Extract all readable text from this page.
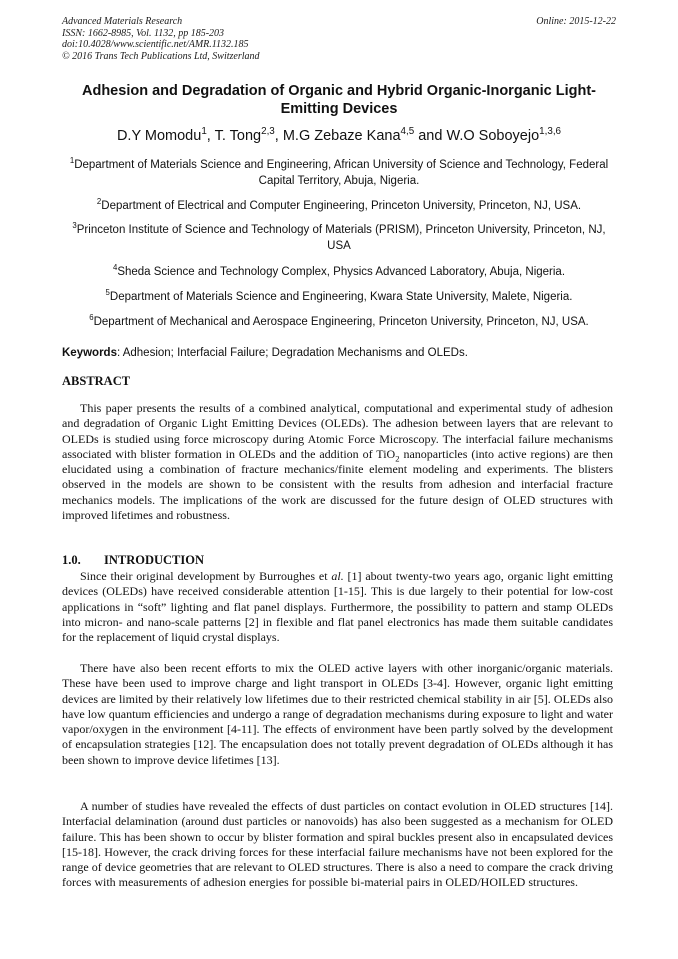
Advanced Materials Research
ISSN: 1662-8985, Vol. 1132, pp 185-203
doi:10.4028/www.scientific.net/AMR.1132.185
© 2016 Trans Tech Publications Ltd, Switzerland
Online: 2015-12-22
Adhesion and Degradation of Organic and Hybrid Organic-Inorganic Light-Emitting Devices
D.Y Momodu$^1$, T. Tong$^{2,3}$, M.G Zebaze Kana$^{4,5}$ and W.O Soboyejo$^{1,3,6}$
$^1$Department of Materials Science and Engineering, African University of Science and Technology, Federal Capital Territory, Abuja, Nigeria.
$^2$Department of Electrical and Computer Engineering, Princeton University, Princeton, NJ, USA.
$^3$Princeton Institute of Science and Technology of Materials (PRISM), Princeton University, Princeton, NJ, USA
$^4$Sheda Science and Technology Complex, Physics Advanced Laboratory, Abuja, Nigeria.
$^5$Department of Materials Science and Engineering, Kwara State University, Malete, Nigeria.
$^6$Department of Mechanical and Aerospace Engineering, Princeton University, Princeton, NJ, USA.
Keywords: Adhesion; Interfacial Failure; Degradation Mechanisms and OLEDs.
ABSTRACT
This paper presents the results of a combined analytical, computational and experimental study of adhesion and degradation of Organic Light Emitting Devices (OLEDs). The adhesion between layers that are relevant to OLEDs is studied using force microscopy during Atomic Force Microscopy. The interfacial failure mechanisms associated with blister formation in OLEDs and the addition of TiO$_2$ nanoparticles (into active regions) are then elucidated using a combination of fracture mechanics/finite element modeling and experiments. The blisters observed in the models are shown to be consistent with the results from adhesion and interfacial fracture mechanics models. The implications of the work are discussed for the future design of OLED structures with improved lifetimes and robustness.
1.0. INTRODUCTION
Since their original development by Burroughes et al. [1] about twenty-two years ago, organic light emitting devices (OLEDs) have received considerable attention [1-15]. This is due largely to their potential for low-cost applications in “soft” lighting and flat panel displays. Furthermore, the possibility to pattern and stamp OLEDs into micron- and nano-scale patterns [2] in flexible and flat panel electronics has made them suitable candidates for the replacement of liquid crystal displays.
There have also been recent efforts to mix the OLED active layers with other inorganic/organic materials. These have been used to improve charge and light transport in OLEDs [3-4]. However, organic light emitting devices are limited by their relatively low lifetimes due to their restricted chemical stability in air [5]. OLEDs also have low quantum efficiencies and undergo a range of degradation mechanisms during exposure to light and water vapor/oxygen in the environment [4-11]. The effects of environment have been partly solved by the development of encapsulation strategies [12]. The encapsulation does not totally prevent degradation of OLEDs although it has been shown to improve device lifetimes [13].
A number of studies have revealed the effects of dust particles on contact evolution in OLED structures [14]. Interfacial delamination (around dust particles or nanovoids) has also been suggested as a mechanism for OLED failure. This has been shown to occur by blister formation and spiral buckles present also in encapsulated devices [15-18]. However, the crack driving forces for these interfacial failure mechanisms have not been explored for the range of device geometries that are relevant to OLED structures. There is also a need to compare the crack driving forces with measurements of adhesion energies for possible bi-material pairs in OLED/HOILED structures.
